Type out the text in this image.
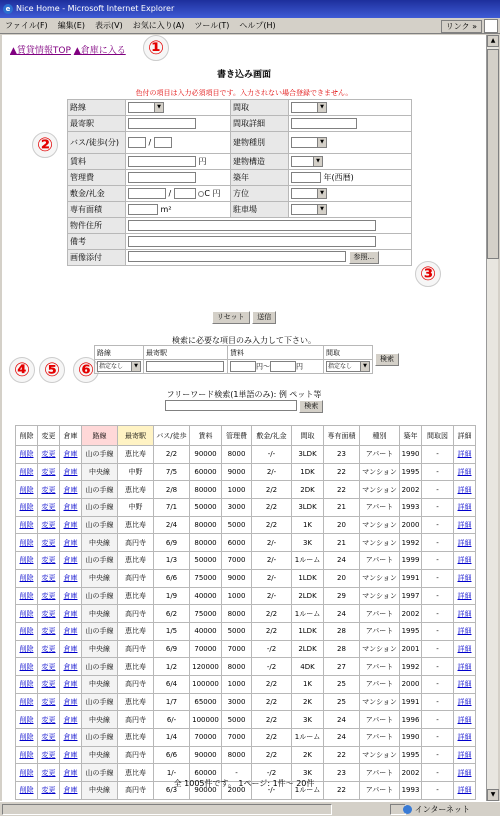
e Nice Home - Microsoft Internet Explorer
ファイル(F) 編集(E) 表示(V) お気に入り(A) ツール(T) ヘルプ(H)	リンク »
▲賃貸情報TOP ▲倉庫に入る ①
②
③
④ ⑤ ⑥
書き込み画面
色付の項目は入力必須項目です。入力されない場合登録できません。
路線	▼	間取	▼

最寄駅		間取詳細	
バス/徒歩(分)	/	建物種別	▼

賃料	円	建物構造	▼

管理費		築年	年(西暦)
敷金/礼金	/ C 円	方位	▼

専有面積	m²	駐車場	▼

物件住所			
備考			
画像添付	参照...		
リセット 送信
検索に必要な項目のみ入力して下さい。
路線	最寄駅	賃料	間取	検索
指定なし ▼		円〜 円	指定なし ▼	
フリーワード検索(1単語のみ): 例 ペット等
検索
削除	変更	倉庫	路線	最寄駅	バス/徒歩	賃料	管理費	敷金/礼金	間取	専有面積	種別	築年	間取図	詳細
削除	変更	倉庫	山の手線	恵比寿	2/2	90000	8000	-/-	3LDK	23	アパート	1990	-	詳細
削除	変更	倉庫	中央線	中野	7/5	60000	9000	2/-	1DK	22	マンション	1995	-	詳細
削除	変更	倉庫	山の手線	恵比寿	2/8	80000	1000	2/2	2DK	22	マンション	2002	-	詳細
削除	変更	倉庫	山の手線	中野	7/1	50000	3000	2/2	3LDK	21	アパート	1993	-	詳細
削除	変更	倉庫	山の手線	恵比寿	2/4	80000	5000	2/2	1K	20	マンション	2000	-	詳細
削除	変更	倉庫	中央線	高円寺	6/9	80000	6000	2/-	3K	21	マンション	1992	-	詳細
削除	変更	倉庫	山の手線	恵比寿	1/3	50000	7000	2/-	1ルーム	24	アパート	1999	-	詳細
削除	変更	倉庫	中央線	高円寺	6/6	75000	9000	2/-	1LDK	20	マンション	1991	-	詳細
削除	変更	倉庫	山の手線	恵比寿	1/9	40000	1000	2/-	2LDK	29	マンション	1997	-	詳細
削除	変更	倉庫	中央線	高円寺	6/2	75000	8000	2/2	1ルーム	24	アパート	2002	-	詳細
削除	変更	倉庫	山の手線	恵比寿	1/5	40000	5000	2/2	1LDK	28	アパート	1995	-	詳細
削除	変更	倉庫	中央線	高円寺	6/9	70000	7000	-/2	2LDK	28	マンション	2001	-	詳細
削除	変更	倉庫	山の手線	恵比寿	1/2	120000	8000	-/2	4DK	27	アパート	1992	-	詳細
削除	変更	倉庫	中央線	高円寺	6/4	100000	1000	2/2	1K	25	アパート	2000	-	詳細
削除	変更	倉庫	山の手線	恵比寿	1/7	65000	3000	2/2	2K	25	マンション	1991	-	詳細
削除	変更	倉庫	中央線	高円寺	6/-	100000	5000	2/2	3K	24	アパート	1996	-	詳細
削除	変更	倉庫	山の手線	恵比寿	1/4	70000	7000	2/2	1ルーム	24	アパート	1990	-	詳細
削除	変更	倉庫	中央線	高円寺	6/6	90000	8000	2/2	2K	22	マンション	1995	-	詳細
削除	変更	倉庫	山の手線	恵比寿	1/-	60000	-	-/2	3K	23	アパート	2002	-	詳細
削除	変更	倉庫	中央線	高円寺	6/3	90000	2000	-/-	1ルーム	22	アパート	1993	-	詳細
全 1005件です。 1ページ: 1件〜 20件
▲
▼
インターネット
